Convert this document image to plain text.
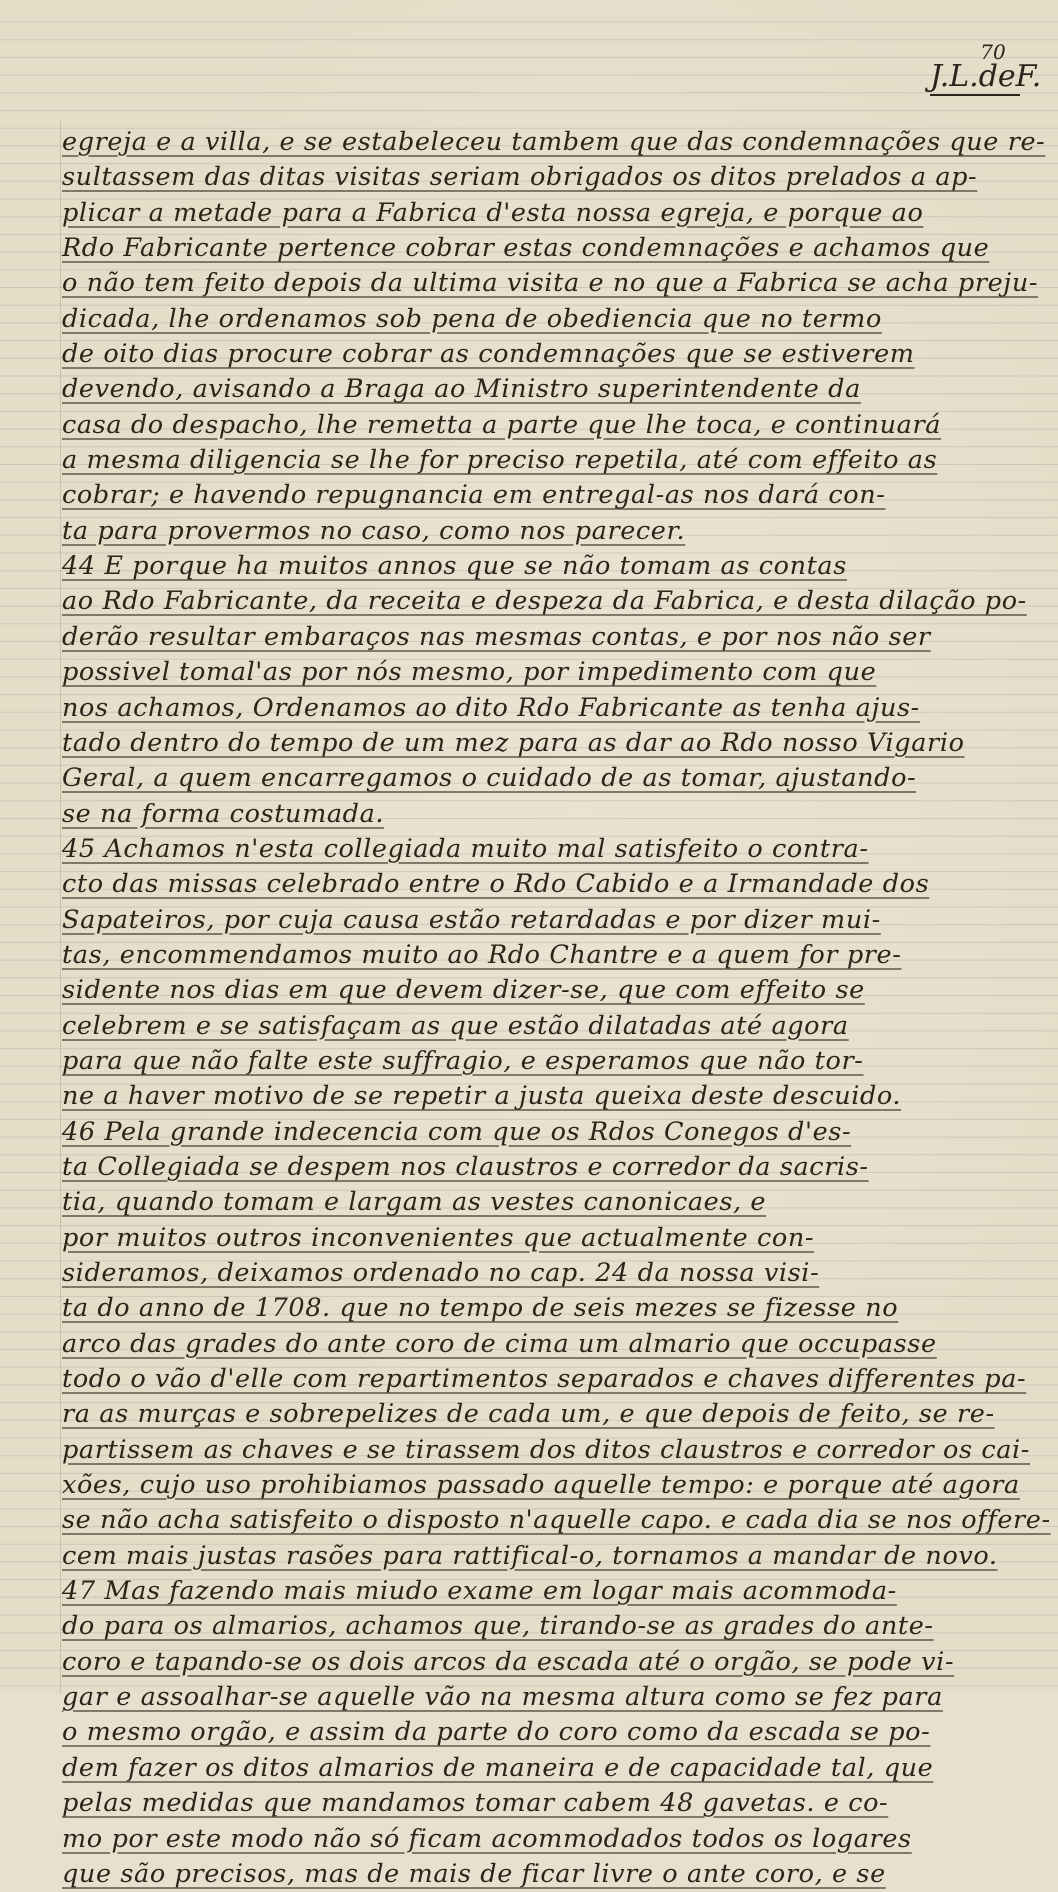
70
J.L.deF.
egreja e a villa, e se estabeleceu tambem que das condemnações que re-
sultassem das ditas visitas seriam obrigados os ditos prelados a ap-
plicar a metade para a Fabrica d'esta nossa egreja, e porque ao
Rdo Fabricante pertence cobrar estas condemnações e achamos que
o não tem feito depois da ultima visita e no que a Fabrica se acha preju-
dicada, lhe ordenamos sob pena de obediencia que no termo
de oito dias procure cobrar as condemnações que se estiverem
devendo, avisando a Braga ao Ministro superintendente da
casa do despacho, lhe remetta a parte que lhe toca, e continuará
a mesma diligencia se lhe for preciso repetila, até com effeito as
cobrar; e havendo repugnancia em entregal-as nos dará con-
ta para provermos no caso, como nos parecer.
44 E porque ha muitos annos que se não tomam as contas
ao Rdo Fabricante, da receita e despeza da Fabrica, e desta dilação po-
derão resultar embaraços nas mesmas contas, e por nos não ser
possivel tomal'as por nós mesmo, por impedimento com que
nos achamos, Ordenamos ao dito Rdo Fabricante as tenha ajus-
tado dentro do tempo de um mez para as dar ao Rdo nosso Vigario
Geral, a quem encarregamos o cuidado de as tomar, ajustando-
se na forma costumada.
45 Achamos n'esta collegiada muito mal satisfeito o contra-
cto das missas celebrado entre o Rdo Cabido e a Irmandade dos
Sapateiros, por cuja causa estão retardadas e por dizer mui-
tas, encommendamos muito ao Rdo Chantre e a quem for pre-
sidente nos dias em que devem dizer-se, que com effeito se
celebrem e se satisfaçam as que estão dilatadas até agora
para que não falte este suffragio, e esperamos que não tor-
ne a haver motivo de se repetir a justa queixa deste descuido.
46 Pela grande indecencia com que os Rdos Conegos d'es-
ta Collegiada se despem nos claustros e corredor da sacris-
tia, quando tomam e largam as vestes canonicaes, e
por muitos outros inconvenientes que actualmente con-
sideramos, deixamos ordenado no cap. 24 da nossa visi-
ta do anno de 1708. que no tempo de seis mezes se fizesse no
arco das grades do ante coro de cima um almario que occupasse
todo o vão d'elle com repartimentos separados e chaves differentes pa-
ra as murças e sobrepelizes de cada um, e que depois de feito, se re-
partissem as chaves e se tirassem dos ditos claustros e corredor os cai-
xões, cujo uso prohibiamos passado aquelle tempo: e porque até agora
se não acha satisfeito o disposto n'aquelle capo. e cada dia se nos offere-
cem mais justas rasões para rattifical-o, tornamos a mandar de novo.
47 Mas fazendo mais miudo exame em logar mais acommoda-
do para os almarios, achamos que, tirando-se as grades do ante-
coro e tapando-se os dois arcos da escada até o orgão, se pode vi-
gar e assoalhar-se aquelle vão na mesma altura como se fez para
o mesmo orgão, e assim da parte do coro como da escada se po-
dem fazer os ditos almarios de maneira e de capacidade tal, que
pelas medidas que mandamos tomar cabem 48 gavetas. e co-
mo por este modo não só ficam acommodados todos os logares
que são precisos, mas de mais de ficar livre o ante coro, e se
